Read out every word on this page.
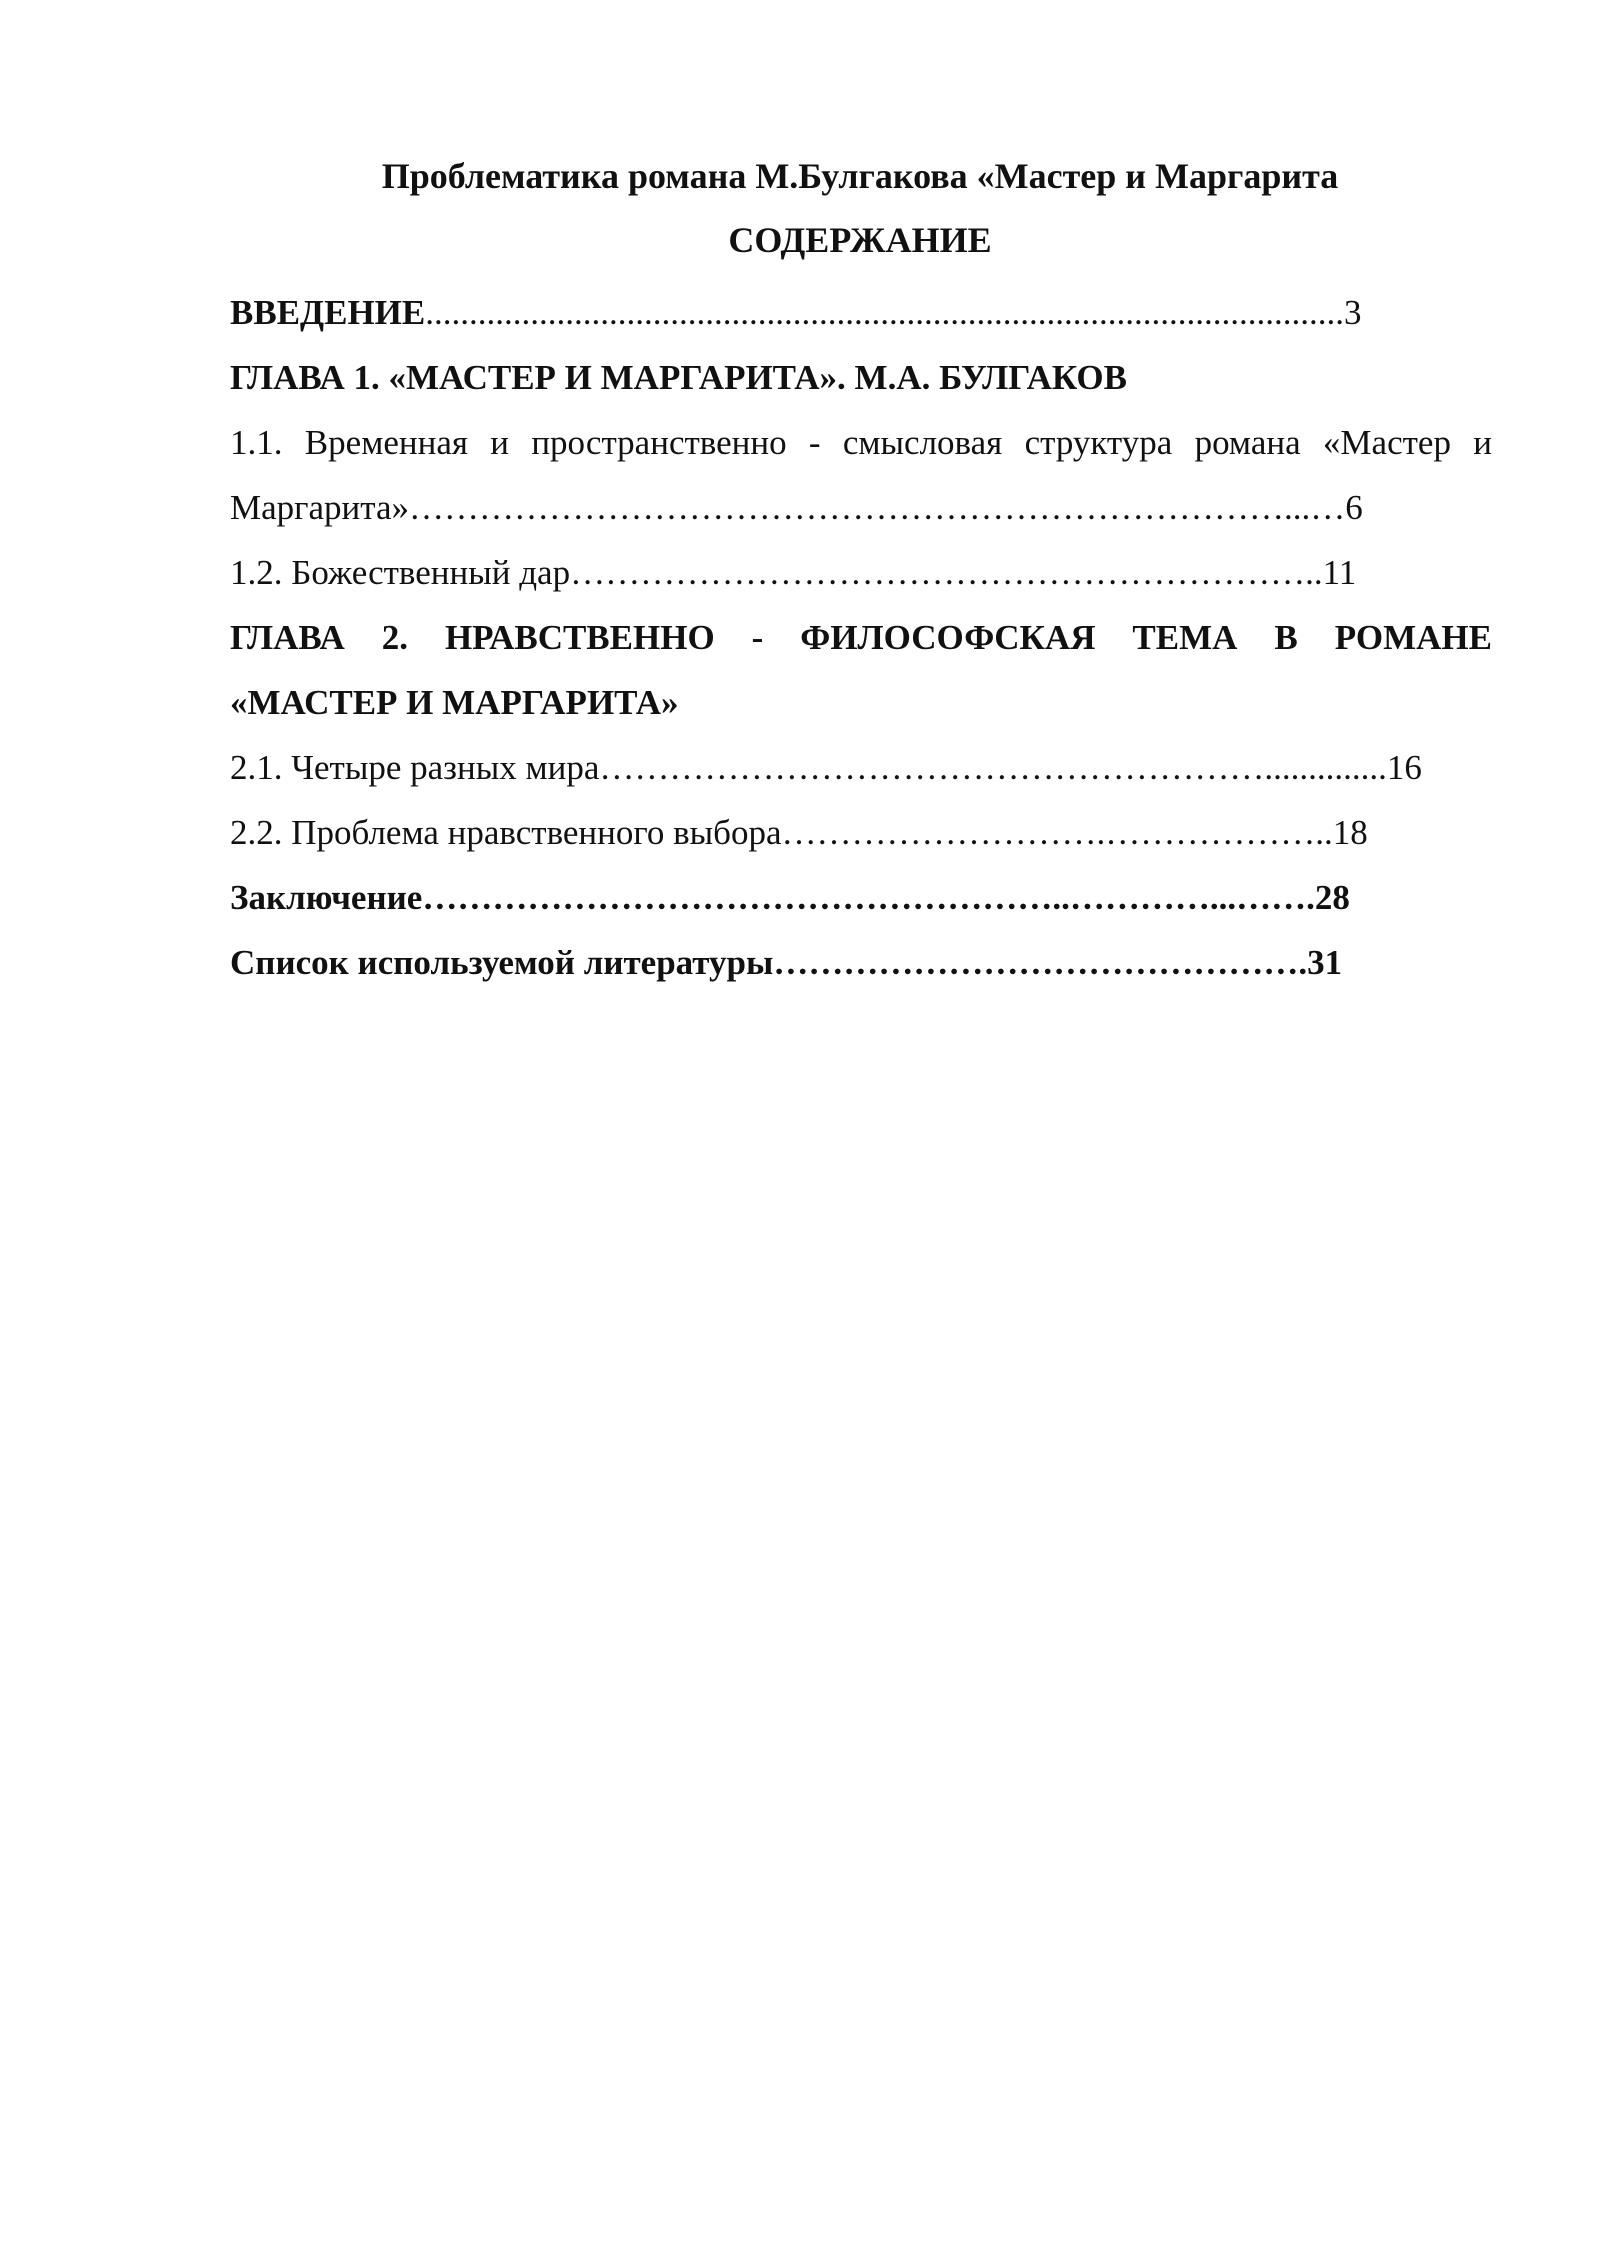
Проблематика романа М.Булгакова «Мастер и Маргарита
СОДЕРЖАНИЕ
ВВЕДЕНИЕ.........................................................................................................3
ГЛАВА 1. «МАСТЕР И МАРГАРИТА». М.А. БУЛГАКОВ
1.1. Временная и пространственно - смысловая структура романа «Мастер и
Маргарита»…………………………………………………………………...…6
1.2. Божественный дар………………………………………………………..11
ГЛАВА 2. НРАВСТВЕННО - ФИЛОСОФСКАЯ ТЕМА В РОМАНЕ
«МАСТЕР И МАРГАРИТА»
2.1. Четыре разных мира…………………………………………………..............16
2.2. Проблема нравственного выбора……………………….………………..18
Заключение………………………………………………..…………...…….28
Список используемой литературы……………………………………….31
